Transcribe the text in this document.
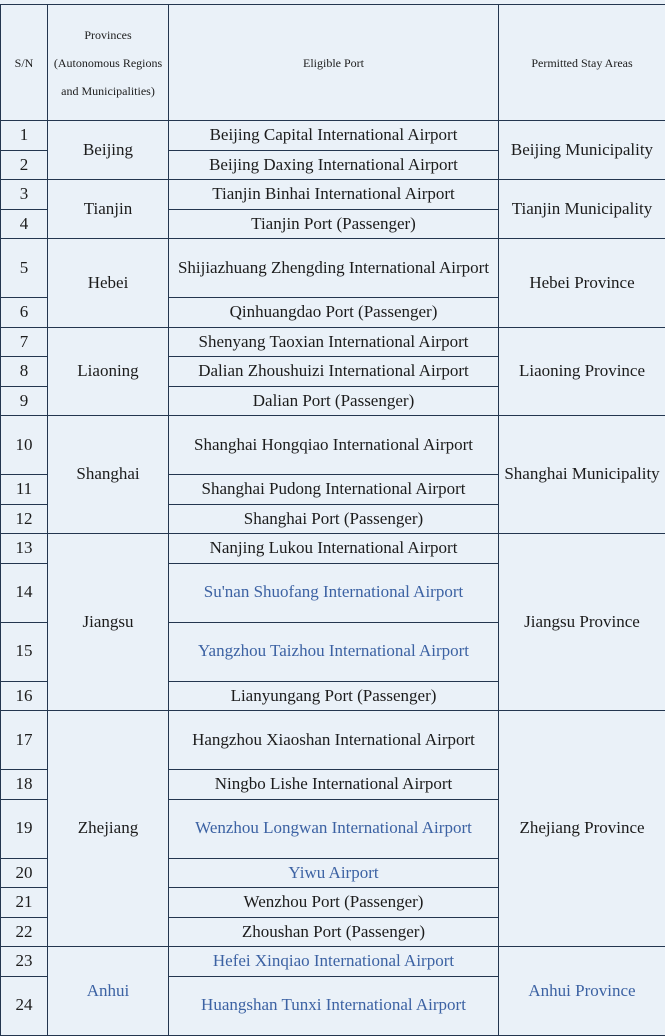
S/N	Provinces (Autonomous Regions and Municipalities)	Eligible Port	Permitted Stay Areas
1	Beijing	Beijing Capital International Airport	Beijing Municipality
2		Beijing Daxing International Airport	
3	Tianjin	Tianjin Binhai International Airport	Tianjin Municipality
4		Tianjin Port (Passenger)	
5	Hebei	Shijiazhuang Zhengding International Airport	Hebei Province
6		Qinhuangdao Port (Passenger)	
7	Liaoning	Shenyang Taoxian International Airport	Liaoning Province
8		Dalian Zhoushuizi International Airport	
9		Dalian Port (Passenger)	
10	Shanghai	Shanghai Hongqiao International Airport	Shanghai Municipality
11		Shanghai Pudong International Airport	
12		Shanghai Port (Passenger)	
13	Jiangsu	Nanjing Lukou International Airport	Jiangsu Province
14		Su'nan Shuofang International Airport	
15		Yangzhou Taizhou International Airport	
16		Lianyungang Port (Passenger)	
17	Zhejiang	Hangzhou Xiaoshan International Airport	Zhejiang Province
18		Ningbo Lishe International Airport	
19		Wenzhou Longwan International Airport	
20		Yiwu Airport	
21		Wenzhou Port (Passenger)	
22		Zhoushan Port (Passenger)	
23	Anhui	Hefei Xinqiao International Airport	Anhui Province
24		Huangshan Tunxi International Airport	
